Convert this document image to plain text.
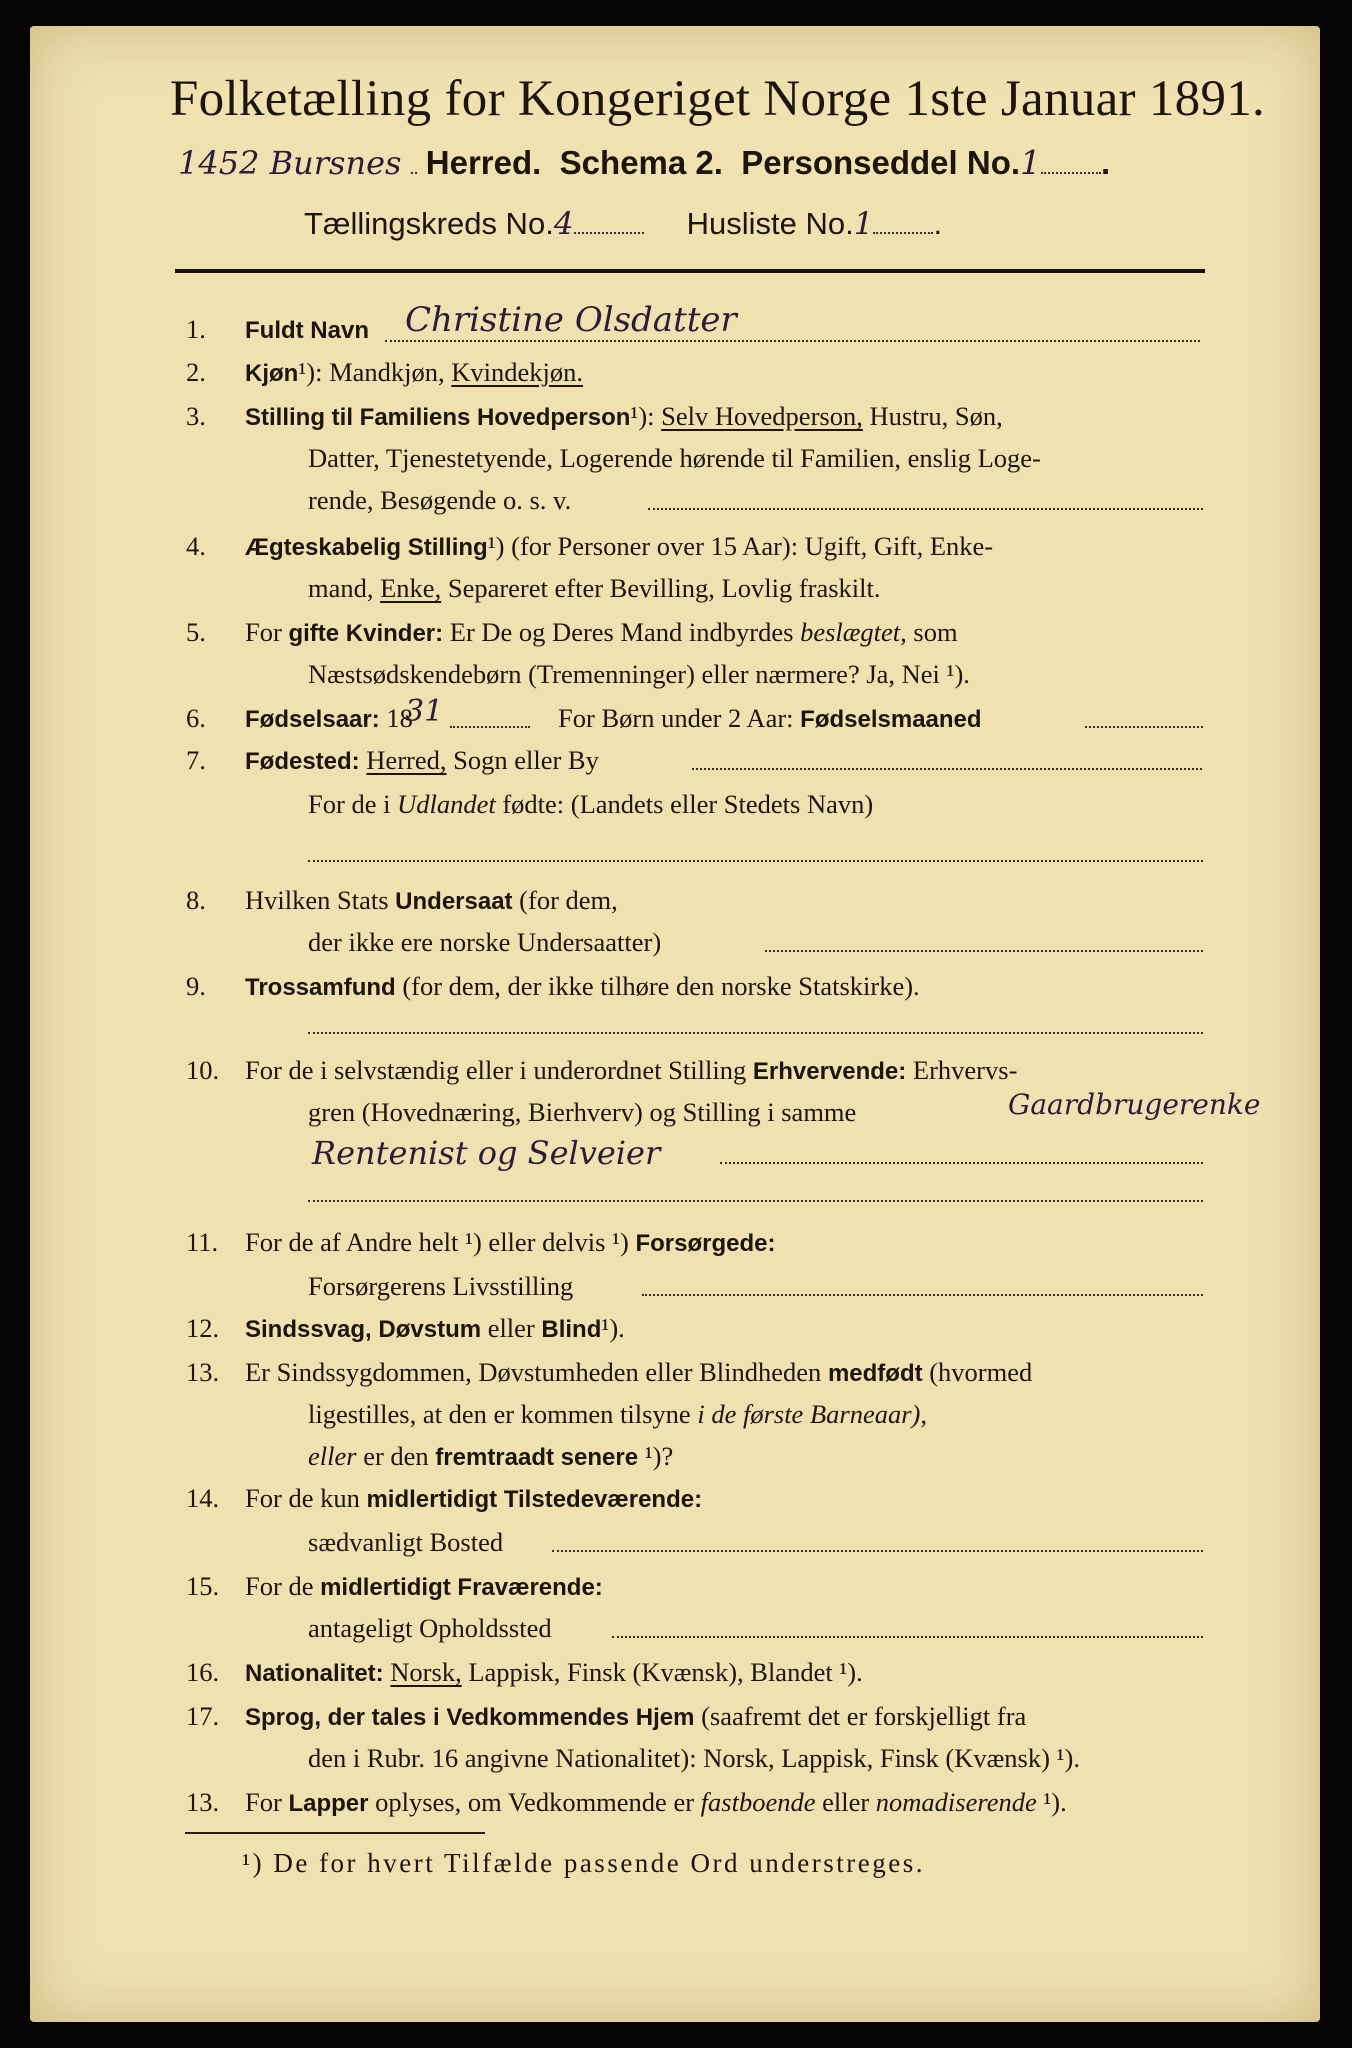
Folketælling for Kongeriget Norge 1ste Januar 1891.
1452 Bursnes Herred. Schema 2. Personseddel No.1 .
Tællingskreds No.4	Husliste No.1 .
1.	Fuldt Navn Christine Olsdatter
2.	Kjøn¹): Mandkjøn, Kvindekjøn.
3.	Stilling til Familiens Hovedperson¹): Selv Hovedperson, Hustru, Søn,
Datter, Tjenestetyende, Logerende hørende til Familien, enslig Loge-
rende, Besøgende o. s. v.
4.	Ægteskabelig Stilling¹) (for Personer over 15 Aar): Ugift, Gift, Enke-
mand, Enke, Separeret efter Bevilling, Lovlig fraskilt.
5.	For gifte Kvinder: Er De og Deres Mand indbyrdes beslægtet, som
Næstsødskendebørn (Tremenninger) eller nærmere? Ja, Nei ¹).
6.	Fødselsaar: 18
31	For Børn under 2 Aar: Fødselsmaaned
7.	Fødested: Herred, Sogn eller By
For de i Udlandet fødte: (Landets eller Stedets Navn)
8.	Hvilken Stats Undersaat (for dem,
der ikke ere norske Undersaatter)
9.	Trossamfund (for dem, der ikke tilhøre den norske Statskirke).
10. For de i selvstændig eller i underordnet Stilling Erhvervende: Erhvervs-
gren (Hovednæring, Bierhverv) og Stilling i samme	Gaardbrugerenke
Rentenist og Selveier
11. For de af Andre helt ¹) eller delvis ¹) Forsørgede:
Forsørgerens Livsstilling
12. Sindssvag, Døvstum eller Blind¹).
13. Er Sindssygdommen, Døvstumheden eller Blindheden medfødt (hvormed
ligestilles, at den er kommen tilsyne i de første Barneaar),
eller er den fremtraadt senere ¹)?
14. For de kun midlertidigt Tilstedeværende:
sædvanligt Bosted
15. For de midlertidigt Fraværende:
antageligt Opholdssted
16. Nationalitet: Norsk, Lappisk, Finsk (Kvænsk), Blandet ¹).
17. Sprog, der tales i Vedkommendes Hjem (saafremt det er forskjelligt fra
den i Rubr. 16 angivne Nationalitet): Norsk, Lappisk, Finsk (Kvænsk) ¹).
13. For Lapper oplyses, om Vedkommende er fastboende eller nomadiserende ¹).
¹) De for hvert Tilfælde passende Ord understreges.
